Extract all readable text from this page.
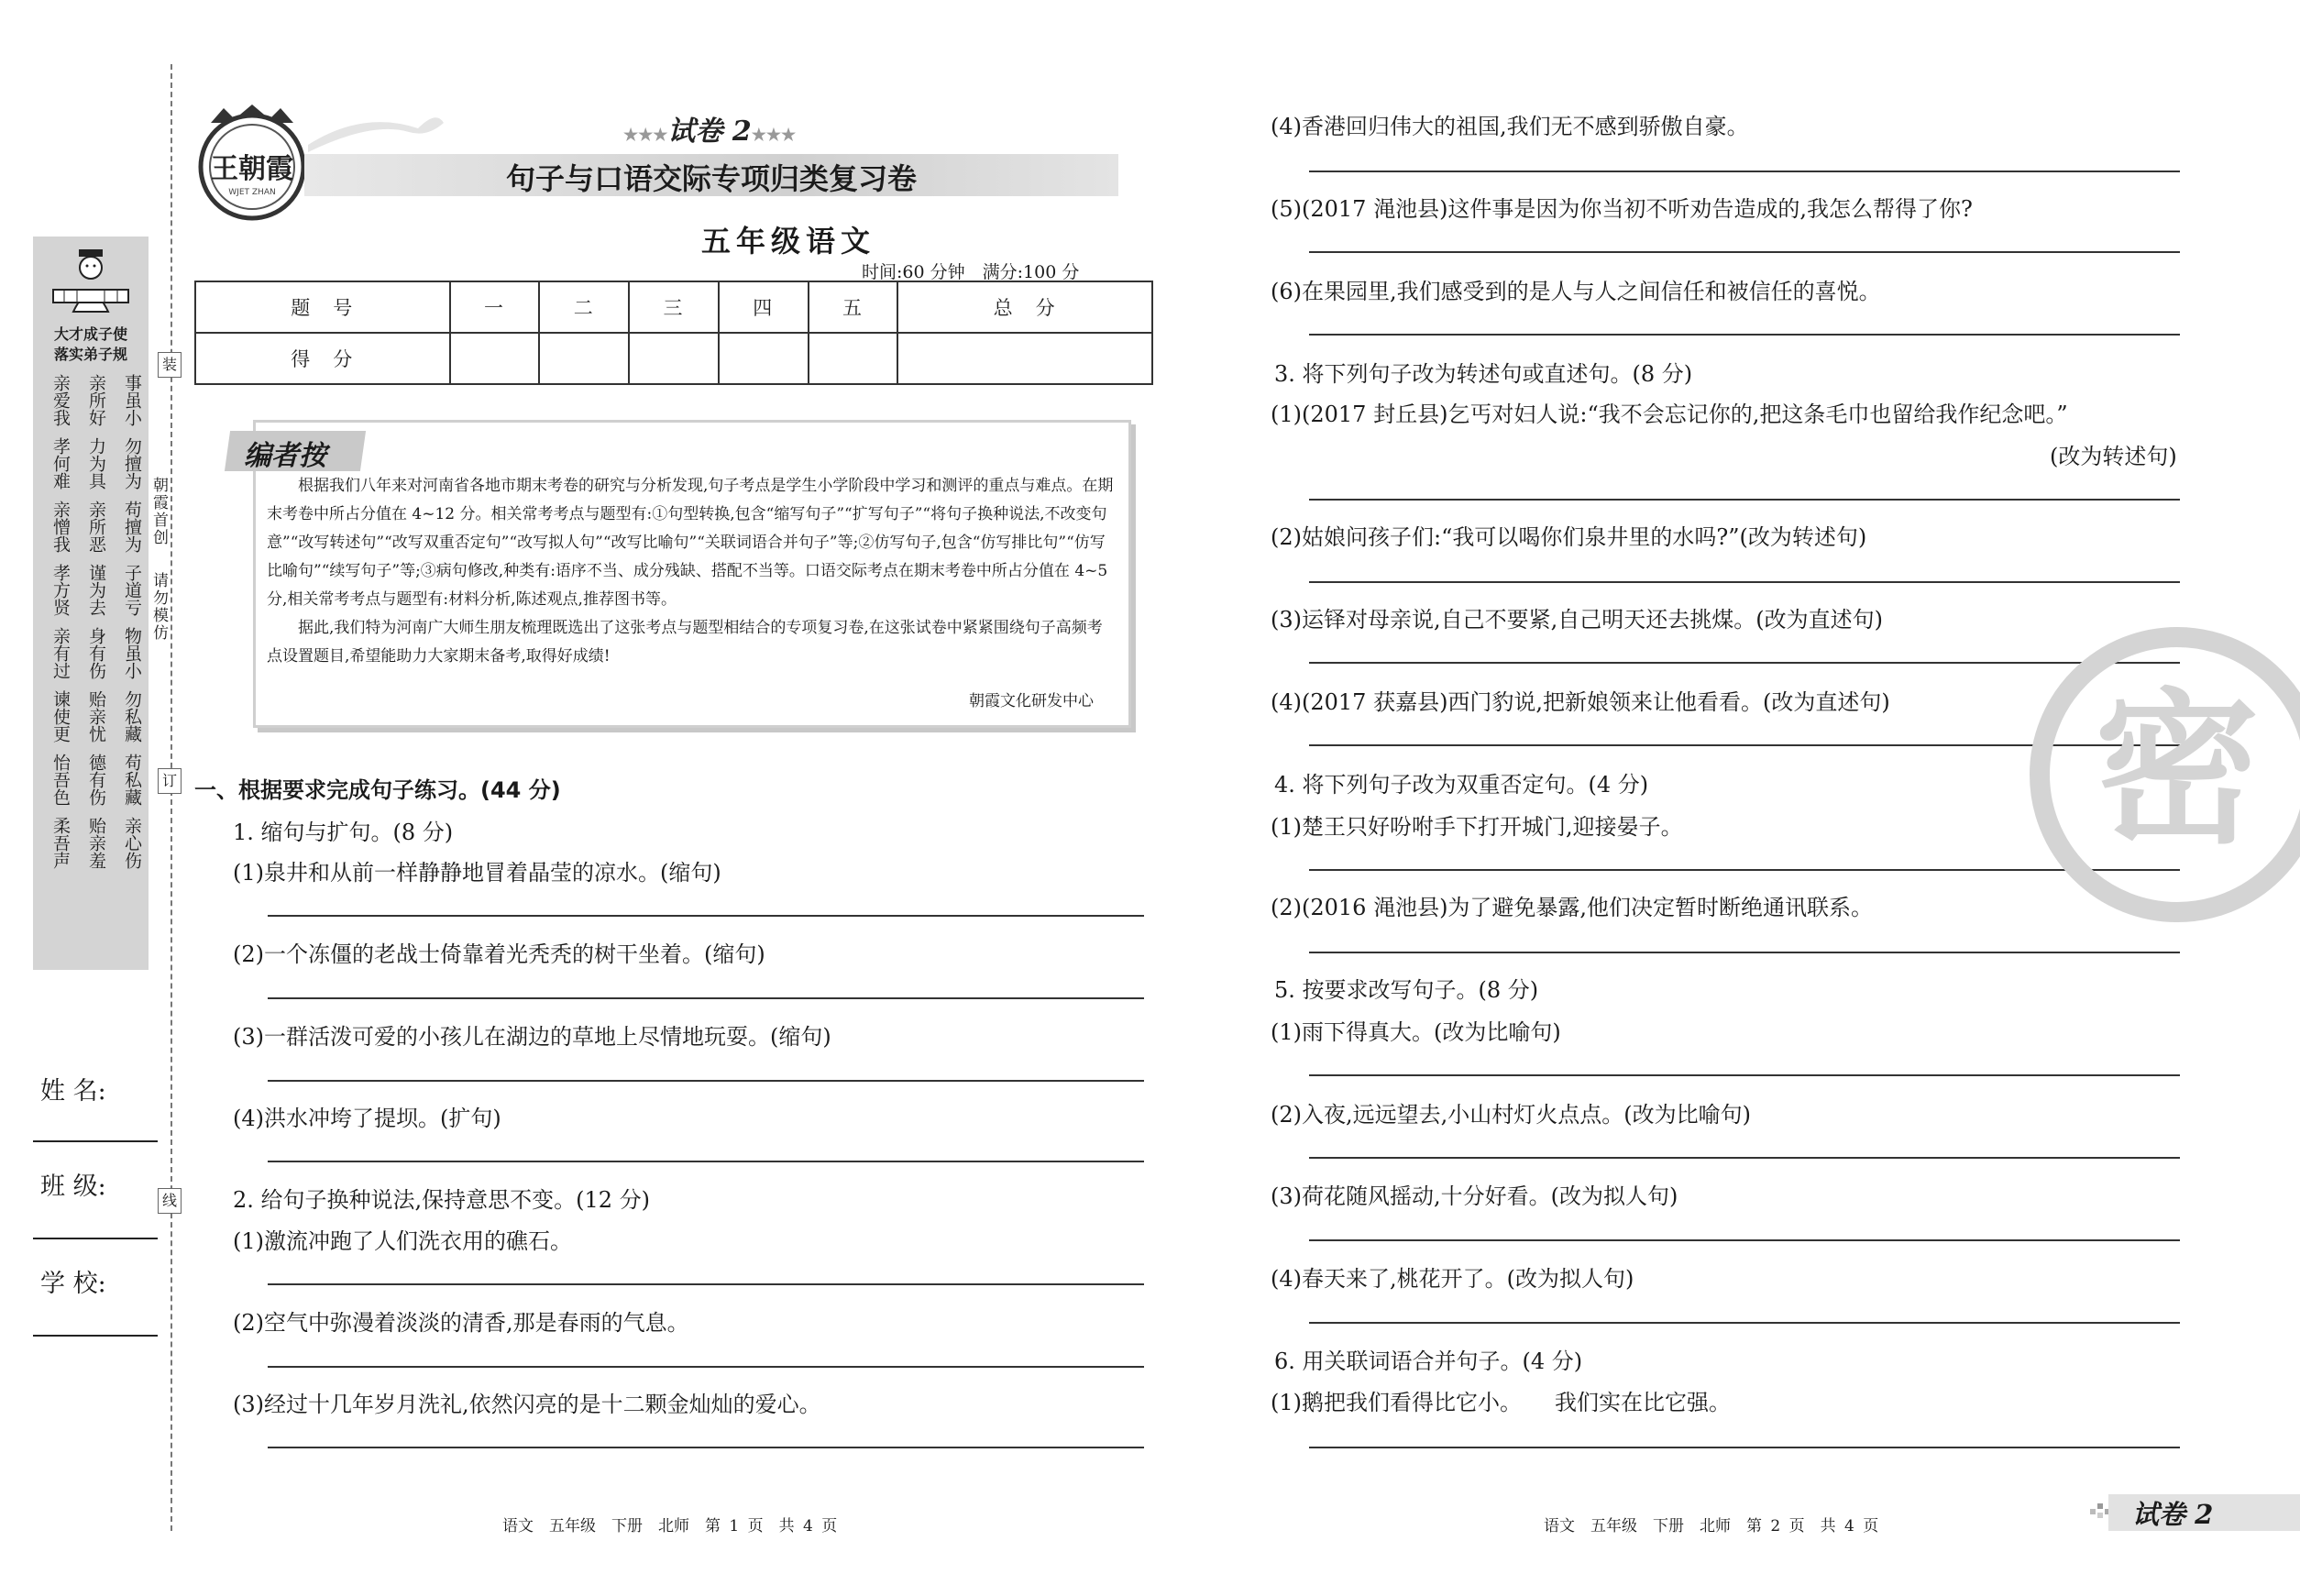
大才成子使
落实弟子规
亲爱我 亲所好 事虽小
孝何难 力为具 勿擅为
亲憎我 亲所恶 苟擅为
孝方贤 谨为去 子道亏
亲有过 身有伤 物虽小
谏使更 贻亲忧 勿私藏
怡吾色 德有伤 苟私藏
柔吾声 贻亲羞 亲心伤
姓 名:
班 级:
学 校:
装
订
线
朝霞首创
请勿模仿
王朝霞
WJET ZHAN
★★★试卷 2★★★
句子与口语交际专项归类复习卷
五年级语文
时间:60 分钟　满分:100 分
题　号	一	二	三	四	五	总　分
得　分						

根据我们八年来对河南省各地市期末考卷的研究与分析发现,句子考点是学生小学阶段中学习和测评的重点与难点。在期末考卷中所占分值在 4~12 分。相关常考考点与题型有:①句型转换,包含“缩写句子”“扩写句子”“将句子换种说法,不改变句意”“改写转述句”“改写双重否定句”“改写拟人句”“改写比喻句”“关联词语合并句子”等;②仿写句子,包含“仿写排比句”“仿写比喻句”“续写句子”等;③病句修改,种类有:语序不当、成分残缺、搭配不当等。口语交际考点在期末考卷中所占分值在 4~5 分,相关常考考点与题型有:材料分析,陈述观点,推荐图书等。

据此,我们特为河南广大师生朋友梳理既选出了这张考点与题型相结合的专项复习卷,在这张试卷中紧紧围绕句子高频考点设置题目,希望能助力大家期末备考,取得好成绩!

朝霞文化研发中心
编者按
一、根据要求完成句子练习。(44 分)
1. 缩句与扩句。(8 分)
(1)泉井和从前一样静静地冒着晶莹的凉水。(缩句)
(2)一个冻僵的老战士倚靠着光秃秃的树干坐着。(缩句)
(3)一群活泼可爱的小孩儿在湖边的草地上尽情地玩耍。(缩句)
(4)洪水冲垮了提坝。(扩句)
2. 给句子换种说法,保持意思不变。(12 分)
(1)激流冲跑了人们洗衣用的礁石。
(2)空气中弥漫着淡淡的清香,那是春雨的气息。
(3)经过十几年岁月洗礼,依然闪亮的是十二颗金灿灿的爱心。
语文　五年级　下册　北师　第 1 页　共 4 页
(4)香港回归伟大的祖国,我们无不感到骄傲自豪。
(5)(2017 渑池县)这件事是因为你当初不听劝告造成的,我怎么帮得了你?
(6)在果园里,我们感受到的是人与人之间信任和被信任的喜悦。
3. 将下列句子改为转述句或直述句。(8 分)
(1)(2017 封丘县)乞丐对妇人说:“我不会忘记你的,把这条毛巾也留给我作纪念吧。”
(改为转述句)
(2)姑娘问孩子们:“我可以喝你们泉井里的水吗?”(改为转述句)
(3)运铎对母亲说,自己不要紧,自己明天还去挑煤。(改为直述句)
(4)(2017 获嘉县)西门豹说,把新娘领来让他看看。(改为直述句)
4. 将下列句子改为双重否定句。(4 分)
(1)楚王只好吩咐手下打开城门,迎接晏子。
(2)(2016 渑池县)为了避免暴露,他们决定暂时断绝通讯联系。
5. 按要求改写句子。(8 分)
(1)雨下得真大。(改为比喻句)
(2)入夜,远远望去,小山村灯火点点。(改为比喻句)
(3)荷花随风摇动,十分好看。(改为拟人句)
(4)春天来了,桃花开了。(改为拟人句)
6. 用关联词语合并句子。(4 分)
(1)鹅把我们看得比它小。　　我们实在比它强。
语文　五年级　下册　北师　第 2 页　共 4 页
密
试卷 2
